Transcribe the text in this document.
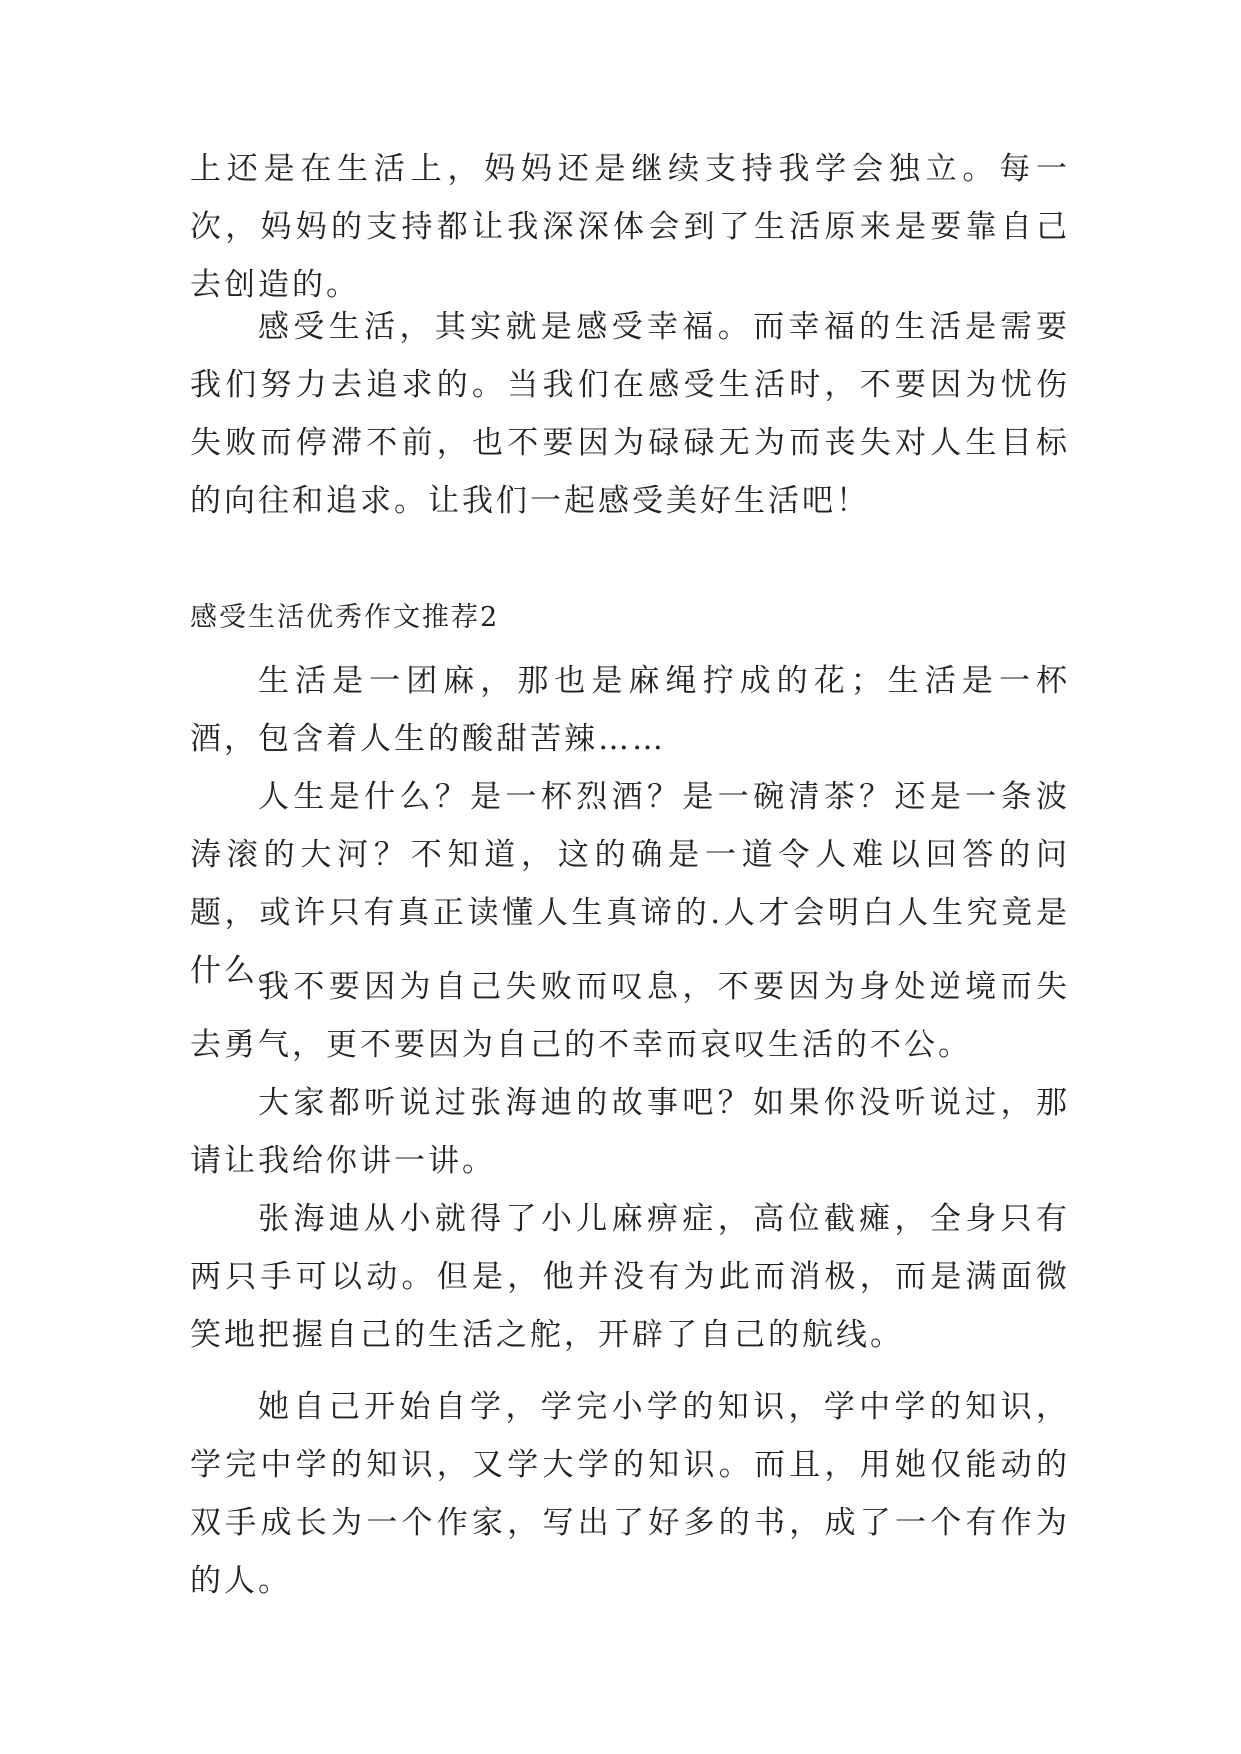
上还是在生活上，妈妈还是继续支持我学会独立。每一次，妈妈的支持都让我深深体会到了生活原来是要靠自己去创造的。

感受生活，其实就是感受幸福。而幸福的生活是需要我们努力去追求的。当我们在感受生活时，不要因为忧伤失败而停滞不前，也不要因为碌碌无为而丧失对人生目标的向往和追求。让我们一起感受美好生活吧！

感受生活优秀作文推荐2

生活是一团麻，那也是麻绳拧成的花；生活是一杯酒，包含着人生的酸甜苦辣……

人生是什么？是一杯烈酒？是一碗清茶？还是一条波涛滚的大河？不知道，这的确是一道令人难以回答的问题，或许只有真正读懂人生真谛的.人才会明白人生究竟是什么。

我不要因为自己失败而叹息，不要因为身处逆境而失去勇气，更不要因为自己的不幸而哀叹生活的不公。

大家都听说过张海迪的故事吧？如果你没听说过，那请让我给你讲一讲。

张海迪从小就得了小儿麻痹症，高位截瘫，全身只有两只手可以动。但是，他并没有为此而消极，而是满面微笑地把握自己的生活之舵，开辟了自己的航线。

她自己开始自学，学完小学的知识，学中学的知识，学完中学的知识，又学大学的知识。而且，用她仅能动的双手成长为一个作家，写出了好多的书，成了一个有作为的人。
